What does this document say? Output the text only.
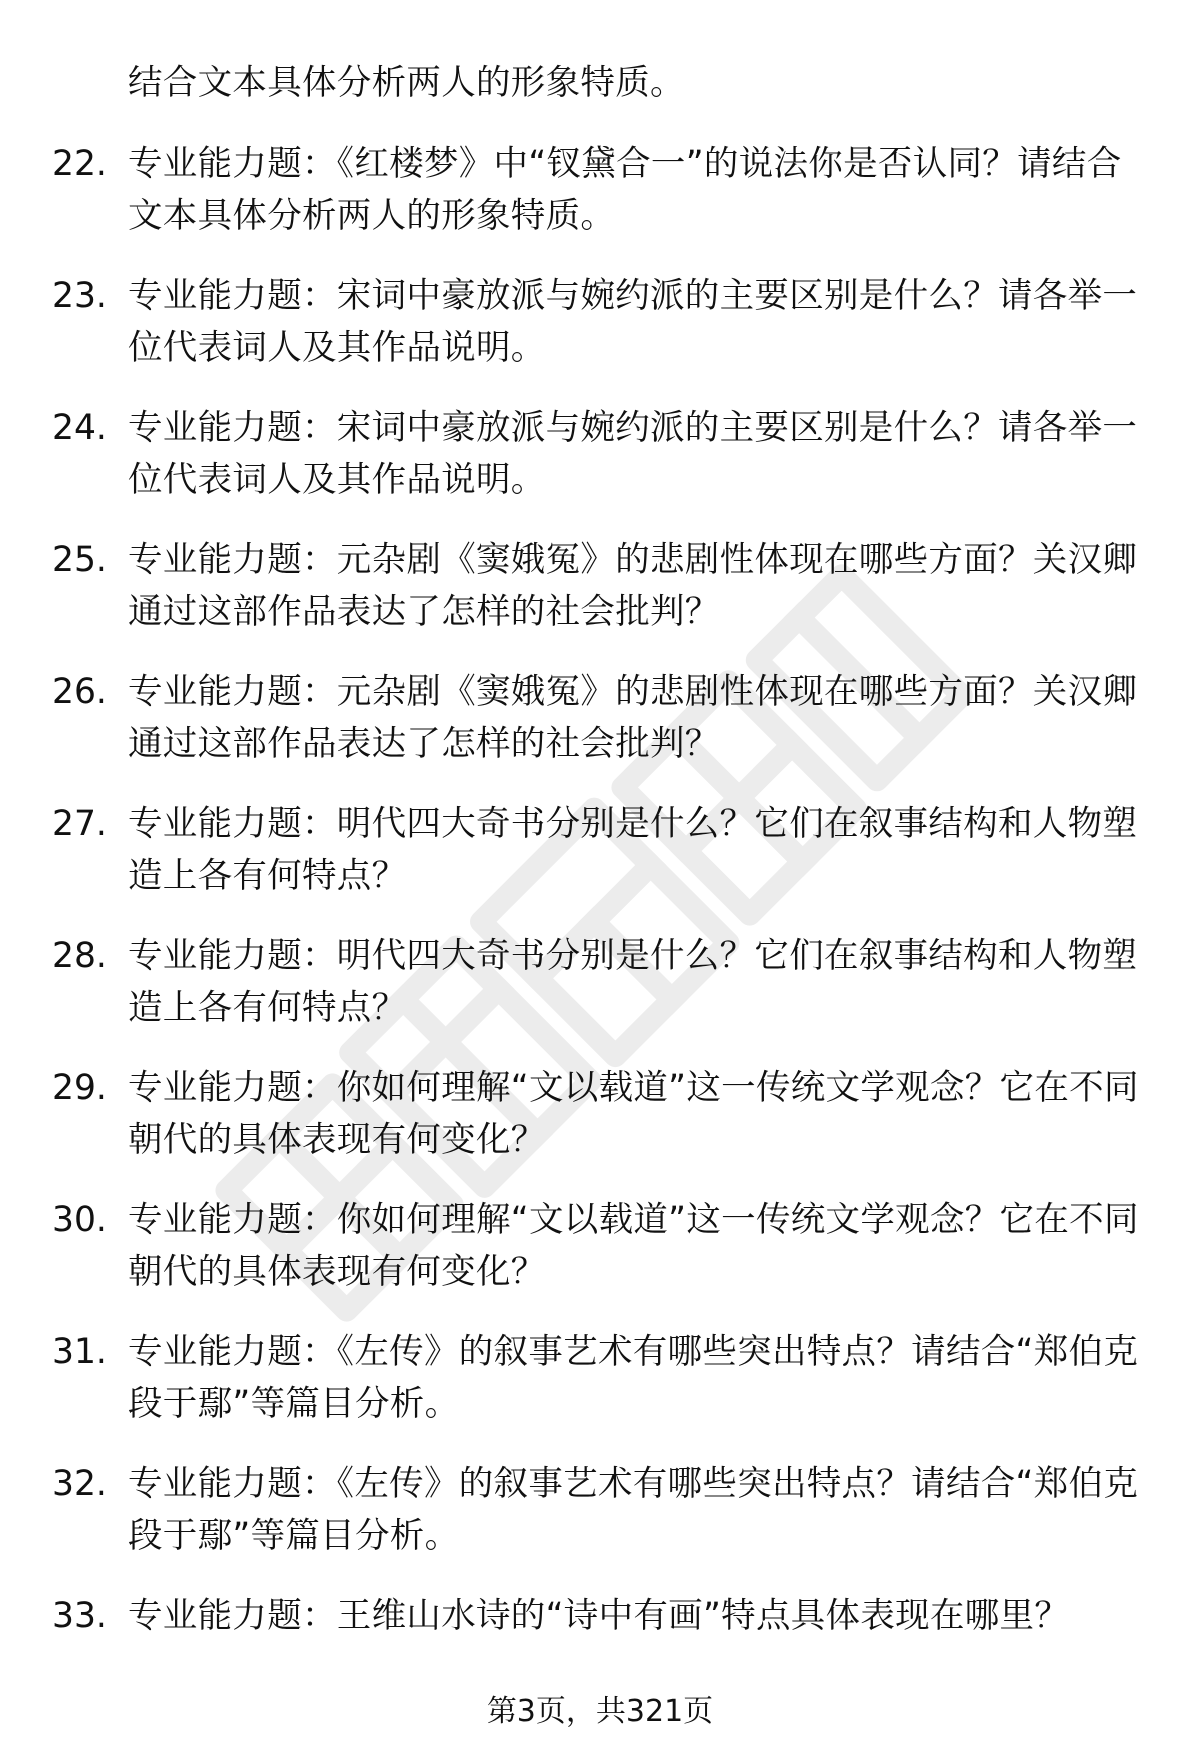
结合文本具体分析两人的形象特质。
22. 专业能力题：《红楼梦》中“钗黛合一”的说法你是否认同？请结合文本具体分析两人的形象特质。
23. 专业能力题：宋词中豪放派与婉约派的主要区别是什么？请各举一位代表词人及其作品说明。
24. 专业能力题：宋词中豪放派与婉约派的主要区别是什么？请各举一位代表词人及其作品说明。
25. 专业能力题：元杂剧《窦娥冤》的悲剧性体现在哪些方面？关汉卿通过这部作品表达了怎样的社会批判？
26. 专业能力题：元杂剧《窦娥冤》的悲剧性体现在哪些方面？关汉卿通过这部作品表达了怎样的社会批判？
27. 专业能力题：明代四大奇书分别是什么？它们在叙事结构和人物塑造上各有何特点？
28. 专业能力题：明代四大奇书分别是什么？它们在叙事结构和人物塑造上各有何特点？
29. 专业能力题：你如何理解“文以载道”这一传统文学观念？它在不同朝代的具体表现有何变化？
30. 专业能力题：你如何理解“文以载道”这一传统文学观念？它在不同朝代的具体表现有何变化？
31. 专业能力题：《左传》的叙事艺术有哪些突出特点？请结合“郑伯克段于鄢”等篇目分析。
32. 专业能力题：《左传》的叙事艺术有哪些突出特点？请结合“郑伯克段于鄢”等篇目分析。
33. 专业能力题：王维山水诗的“诗中有画”特点具体表现在哪里？
第3页，共321页
